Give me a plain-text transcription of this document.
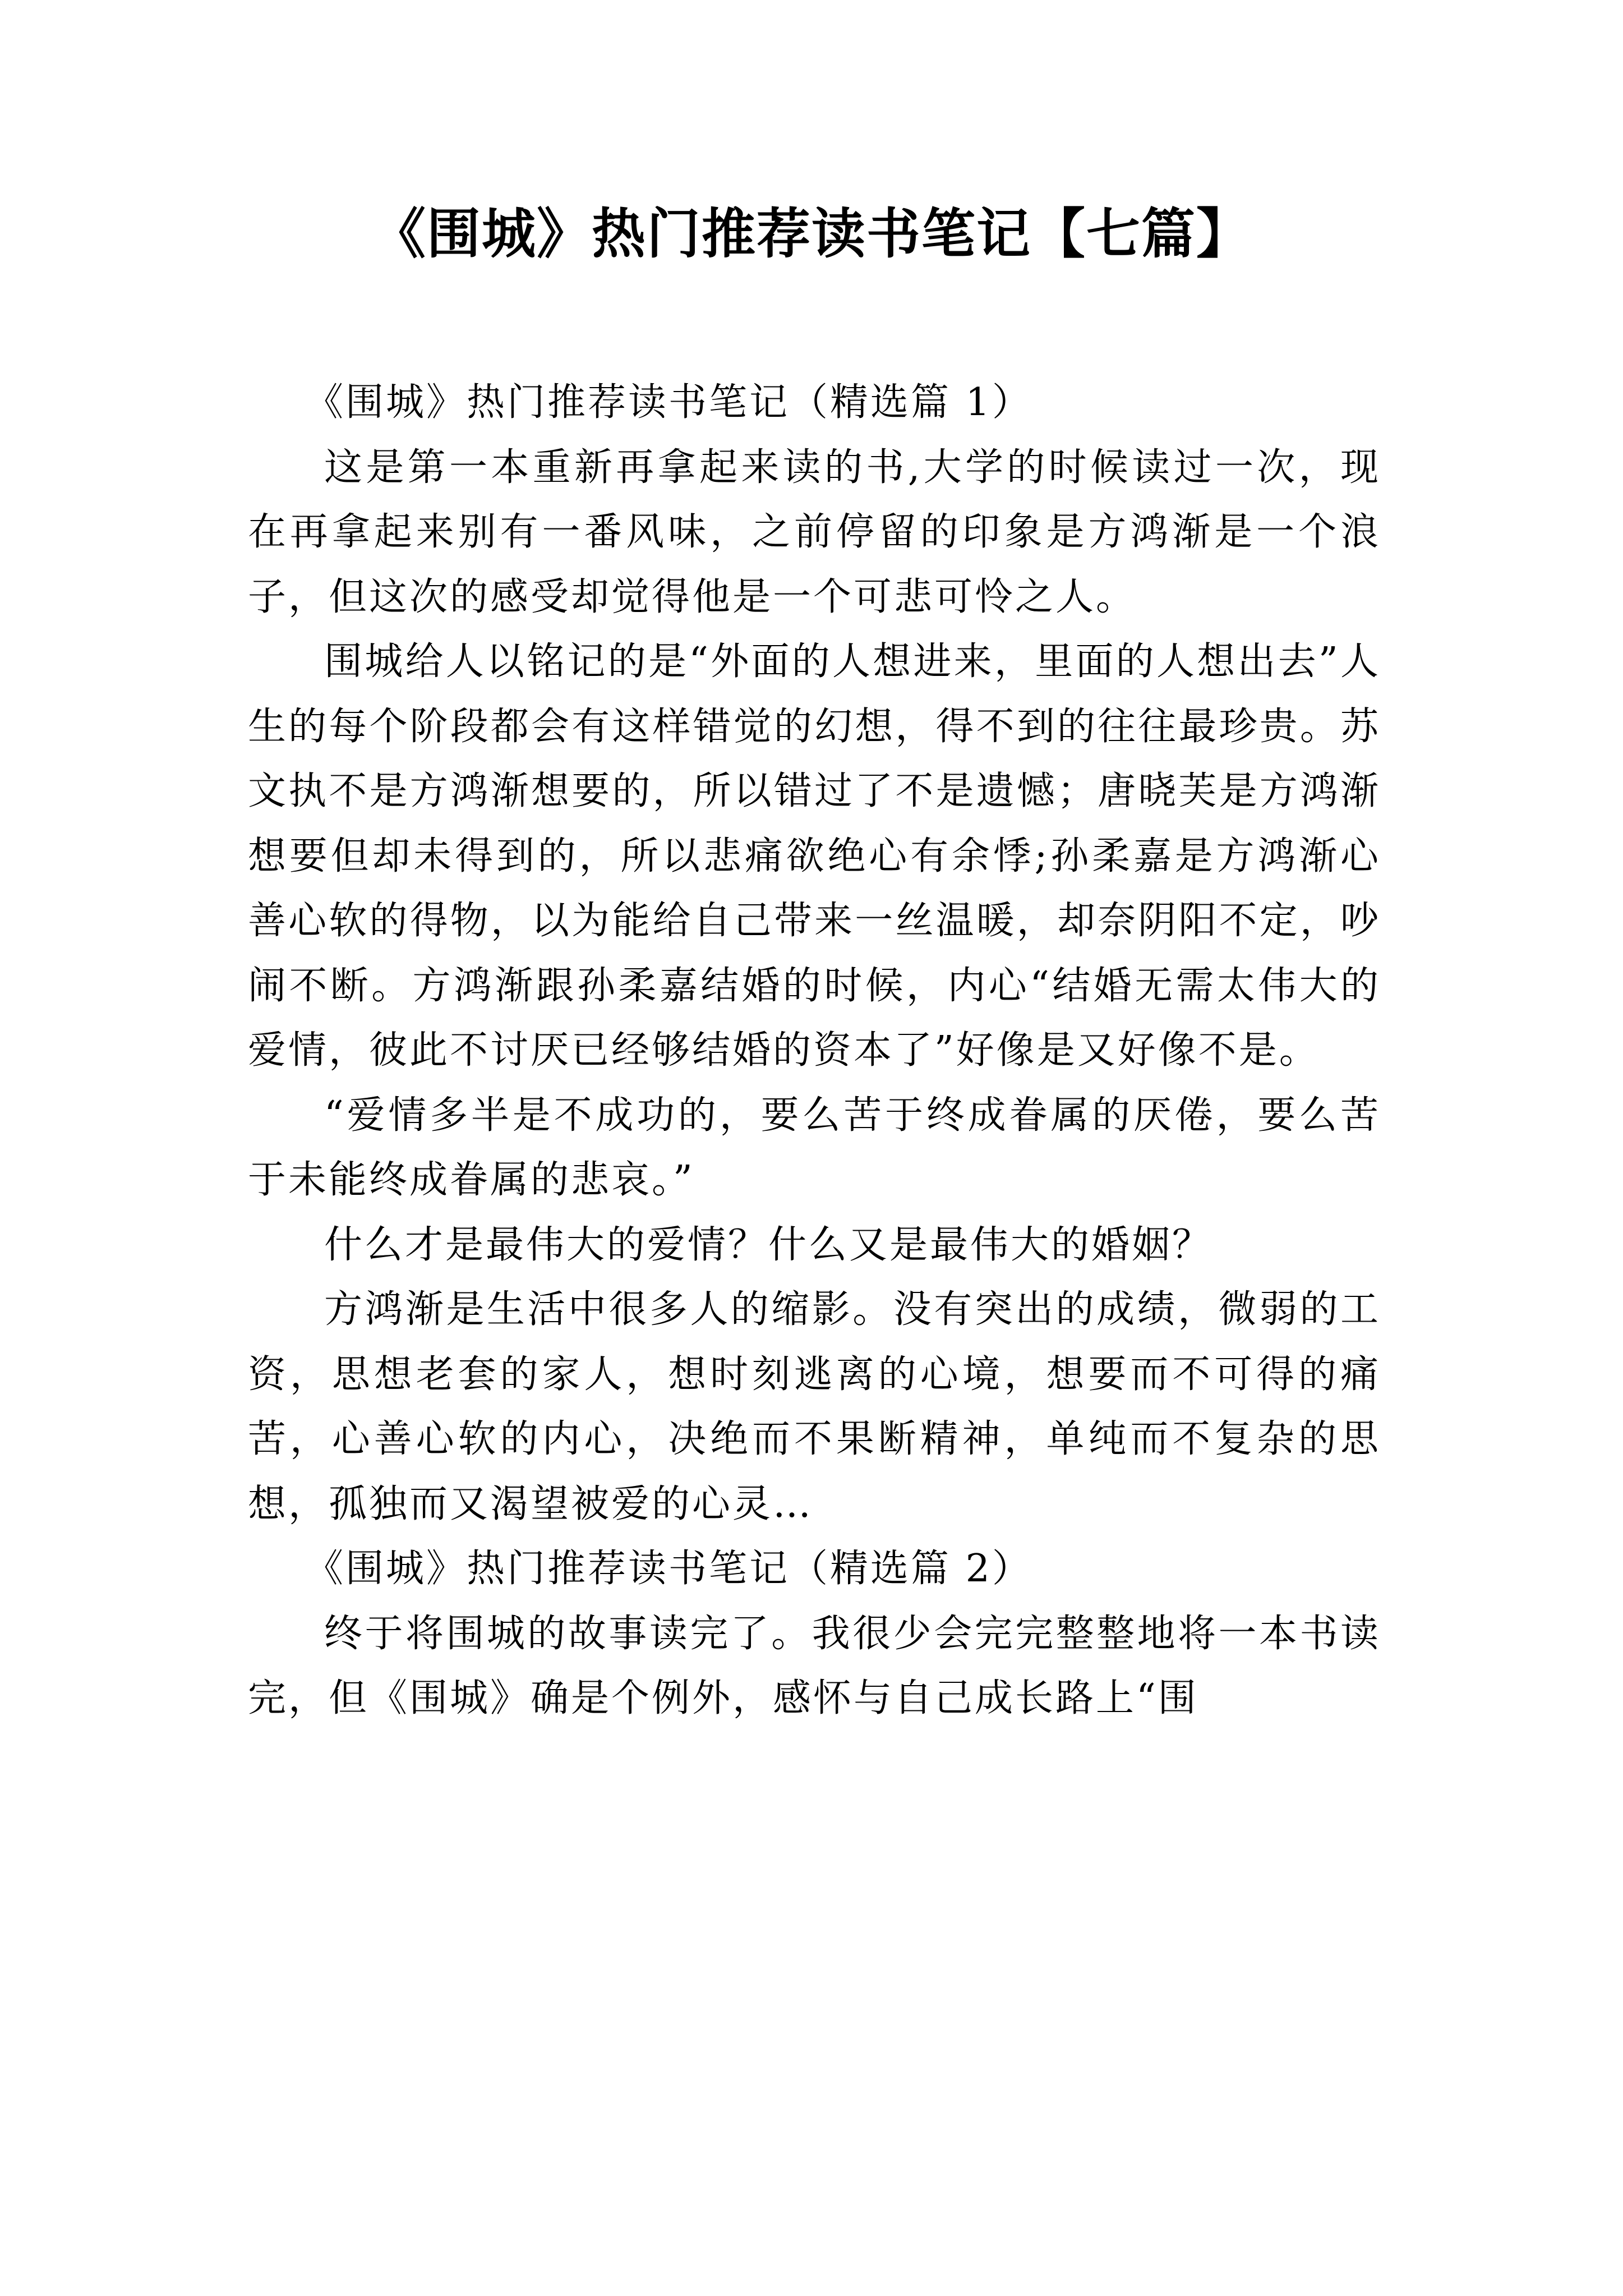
《围城》热门推荐读书笔记【七篇】

《围城》热门推荐读书笔记（精选篇 1）

这是第一本重新再拿起来读的书,大学的时候读过一次，现在再拿起来别有一番风味，之前停留的印象是方鸿渐是一个浪子，但这次的感受却觉得他是一个可悲可怜之人。

围城给人以铭记的是“外面的人想进来，里面的人想出去”人生的每个阶段都会有这样错觉的幻想，得不到的往往最珍贵。苏文执不是方鸿渐想要的，所以错过了不是遗憾；唐晓芙是方鸿渐想要但却未得到的，所以悲痛欲绝心有余悸;孙柔嘉是方鸿渐心善心软的得物，以为能给自己带来一丝温暖，却奈阴阳不定，吵闹不断。方鸿渐跟孙柔嘉结婚的时候，内心“结婚无需太伟大的爱情，彼此不讨厌已经够结婚的资本了”好像是又好像不是。

“爱情多半是不成功的，要么苦于终成眷属的厌倦，要么苦于未能终成眷属的悲哀。”

什么才是最伟大的爱情？什么又是最伟大的婚姻？

方鸿渐是生活中很多人的缩影。没有突出的成绩，微弱的工资，思想老套的家人，想时刻逃离的心境，想要而不可得的痛苦，心善心软的内心，决绝而不果断精神，单纯而不复杂的思想，孤独而又渴望被爱的心灵…

《围城》热门推荐读书笔记（精选篇 2）

终于将围城的故事读完了。我很少会完完整整地将一本书读完，但《围城》确是个例外，感怀与自己成长路上“围
